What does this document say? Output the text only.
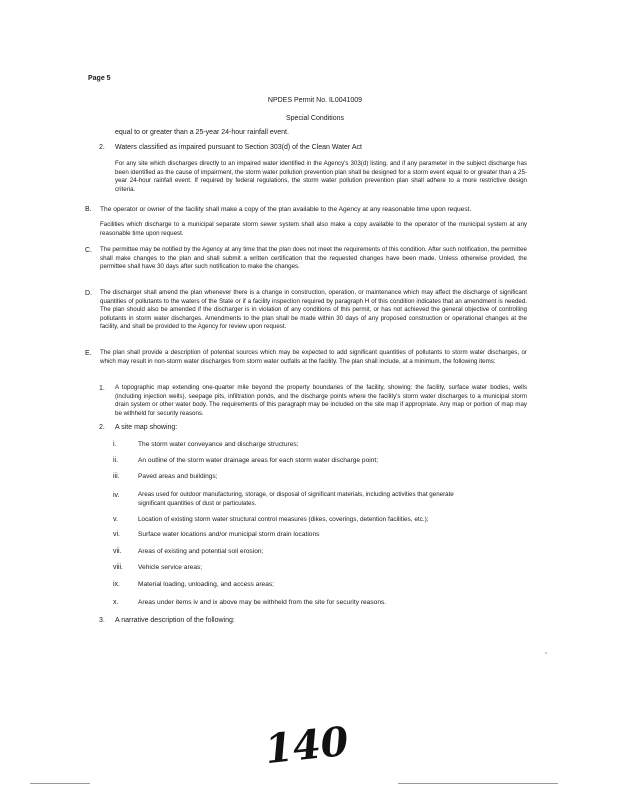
Page 5
NPDES Permit No. IL0041009
Special Conditions
equal to or greater than a 25-year 24-hour rainfall event.
2. Waters classified as impaired pursuant to Section 303(d) of the Clean Water Act
For any site which discharges directly to an impaired water identified in the Agency's 303(d) listing, and if any parameter in the subject discharge has been identified as the cause of impairment, the storm water pollution prevention plan shall be designed for a storm event equal to or greater than a 25-year 24-hour rainfall event. If required by federal regulations, the storm water pollution prevention plan shall adhere to a more restrictive design criteria.
B. The operator or owner of the facility shall make a copy of the plan available to the Agency at any reasonable time upon request.
Facilities which discharge to a municipal separate storm sewer system shall also make a copy available to the operator of the municipal system at any reasonable time upon request.
C. The permittee may be notified by the Agency at any time that the plan does not meet the requirements of this condition. After such notification, the permittee shall make changes to the plan and shall submit a written certification that the requested changes have been made. Unless otherwise provided, the permittee shall have 30 days after such notification to make the changes.
D. The discharger shall amend the plan whenever there is a change in construction, operation, or maintenance which may affect the discharge of significant quantities of pollutants to the waters of the State or if a facility inspection required by paragraph H of this condition indicates that an amendment is needed. The plan should also be amended if the discharger is in violation of any conditions of this permit, or has not achieved the general objective of controlling pollutants in storm water discharges. Amendments to the plan shall be made within 30 days of any proposed construction or operational changes at the facility, and shall be provided to the Agency for review upon request.
E. The plan shall provide a description of potential sources which may be expected to add significant quantities of pollutants to storm water discharges, or which may result in non-storm water discharges from storm water outfalls at the facility. The plan shall include, at a minimum, the following items:
1. A topographic map extending one-quarter mile beyond the property boundaries of the facility, showing: the facility, surface water bodies, wells (including injection wells), seepage pits, infiltration ponds, and the discharge points where the facility's storm water discharges to a municipal storm drain system or other water body. The requirements of this paragraph may be included on the site map if appropriate. Any map or portion of map may be withheld for security reasons.
2. A site map showing:
i.	The storm water conveyance and discharge structures;
ii.	An outline of the storm water drainage areas for each storm water discharge point;
iii.	Paved areas and buildings;
iv.	Areas used for outdoor manufacturing, storage, or disposal of significant materials, including activities that generate
significant quantities of dust or particulates.
v.	Location of existing storm water structural control measures (dikes, coverings, detention facilities, etc.);
vi.	Surface water locations and/or municipal storm drain locations
vii. Areas of existing and potential soil erosion;
viii. Vehicle service areas;
ix.	Material loading, unloading, and access areas;
x.	Areas under items iv and ix above may be withheld from the site for security reasons.
3. A narrative description of the following:
,
140
